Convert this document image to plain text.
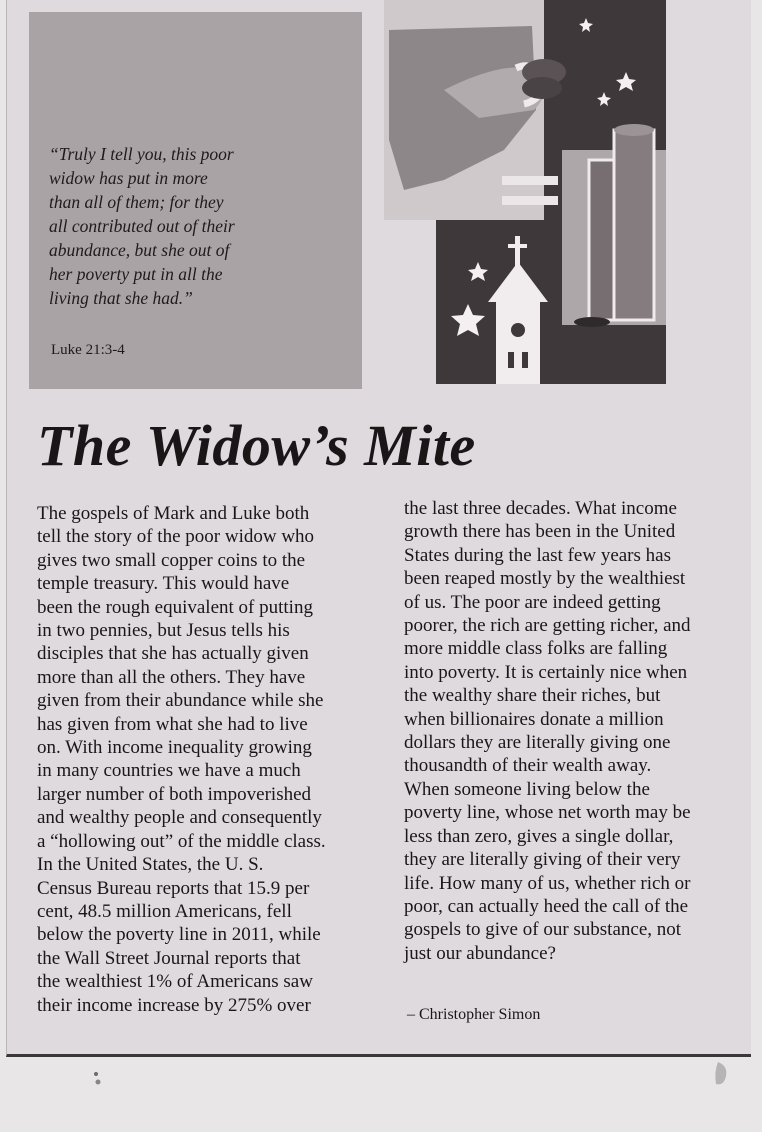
“Truly I tell you, this poor
widow has put in more
than all of them; for they
all contributed out of their
abundance, but she out of
her poverty put in all the
living that she had.”
Luke 21:3-4
The Widow’s Mite
The gospels of Mark and Luke both
tell the story of the poor widow who
gives two small copper coins to the
temple treasury. This would have
been the rough equivalent of putting
in two pennies, but Jesus tells his
disciples that she has actually given
more than all the others. They have
given from their abundance while she
has given from what she had to live
on. With income inequality growing
in many countries we have a much
larger number of both impoverished
and wealthy people and consequently
a “hollowing out” of the middle class.
In the United States, the U. S.
Census Bureau reports that 15.9 per
cent, 48.5 million Americans, fell
below the poverty line in 2011, while
the Wall Street Journal reports that
the wealthiest 1% of Americans saw
their income increase by 275% over
the last three decades. What income
growth there has been in the United
States during the last few years has
been reaped mostly by the wealthiest
of us. The poor are indeed getting
poorer, the rich are getting richer, and
more middle class folks are falling
into poverty. It is certainly nice when
the wealthy share their riches, but
when billionaires donate a million
dollars they are literally giving one
thousandth of their wealth away.
When someone living below the
poverty line, whose net worth may be
less than zero, gives a single dollar,
they are literally giving of their very
life. How many of us, whether rich or
poor, can actually heed the call of the
gospels to give of our substance, not
just our abundance?
– Christopher Simon
